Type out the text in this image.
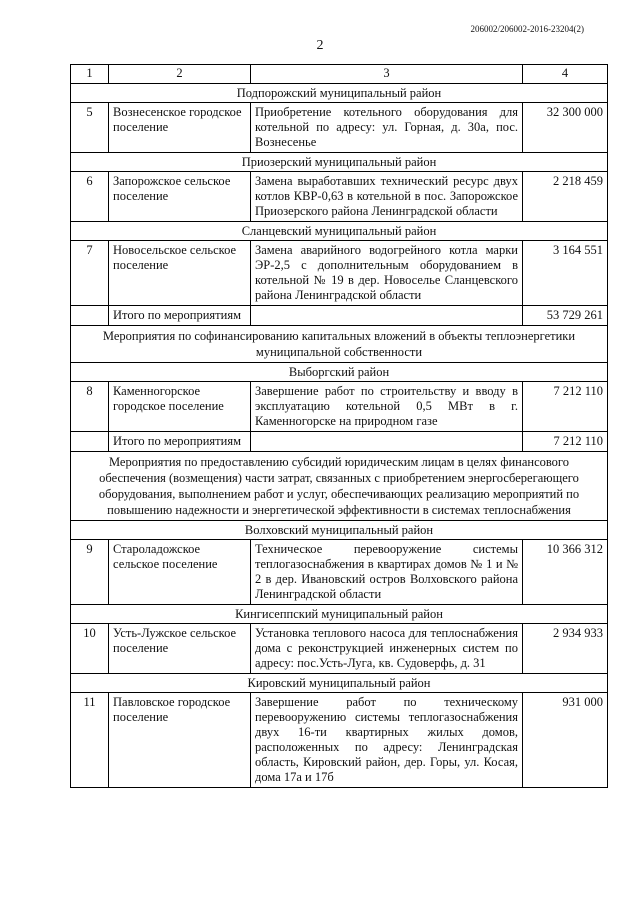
206002/206002-2016-23204(2)
2
1	2	3	4
Подпорожский муниципальный район			
5	Вознесенское городское поселение	Приобретение котельного оборудования для котельной по адресу: ул. Горная, д. 30а, пос. Вознесенье	32 300 000
Приозерский муниципальный район			
6	Запорожское сельское поселение	Замена выработавших технический ресурс двух котлов КВР-0,63 в котельной в пос. Запорожское Приозерского района Ленинградской области	2 218 459
Сланцевский муниципальный район			
7	Новосельское сельское поселение	Замена аварийного водогрейного котла марки ЭР-2,5 с дополнительным оборудованием в котельной № 19 в дер. Новоселье Сланцевского района Ленинградской области	3 164 551
	Итого по мероприятиям		53 729 261
Мероприятия по софинансированию капитальных вложений в объекты теплоэнергетики муниципальной собственности			
Выборгский район			
8	Каменногорское городское поселение	Завершение работ по строительству и вводу в эксплуатацию котельной 0,5 МВт в г. Каменногорске на природном газе	7 212 110
	Итого по мероприятиям		7 212 110
Мероприятия по предоставлению субсидий юридическим лицам в целях финансового обеспечения (возмещения) части затрат, связанных с приобретением энергосберегающего оборудования, выполнением работ и услуг, обеспечивающих реализацию мероприятий по повышению надежности и энергетической эффективности в системах теплоснабжения			
Волховский муниципальный район			
9	Староладожское сельское поселение	Техническое перевооружение системы теплогазоснабжения в квартирах домов № 1 и № 2 в дер. Ивановский остров Волховского района Ленинградской области	10 366 312
Кингисеппский муниципальный район			
10	Усть-Лужское сельское поселение	Установка теплового насоса для теплоснабжения дома с реконструкцией инженерных систем по адресу: пос.Усть-Луга, кв. Судоверфь, д. 31	2 934 933
Кировский муниципальный район			
11	Павловское городское поселение	Завершение работ по техническому перевооружению системы теплогазоснабжения двух 16-ти квартирных жилых домов, расположенных по адресу: Ленинградская область, Кировский район, дер. Горы, ул. Косая, дома 17а и 17б	931 000
